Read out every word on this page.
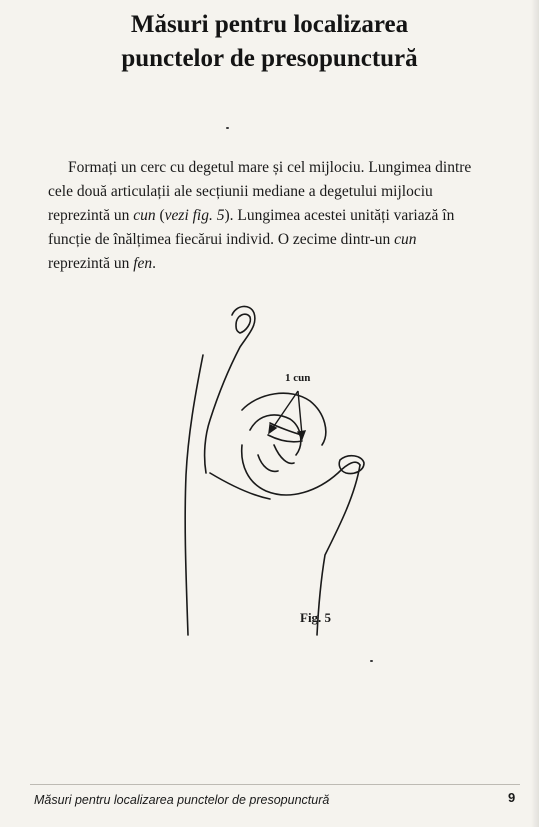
Măsuri pentru localizarea
punctelor de presopunctură

Formați un cerc cu degetul mare și cel mijlociu. Lungimea dintre
cele două articulații ale secțiunii mediane a degetului mijlociu
reprezintă un cun (vezi fig. 5). Lungimea acestei unități variază în
funcție de înălțimea fiecărui individ. O zecime dintr-un cun
reprezintă un fen.

1 cun
Fig. 5
Măsuri pentru localizarea punctelor de presopunctură	9
